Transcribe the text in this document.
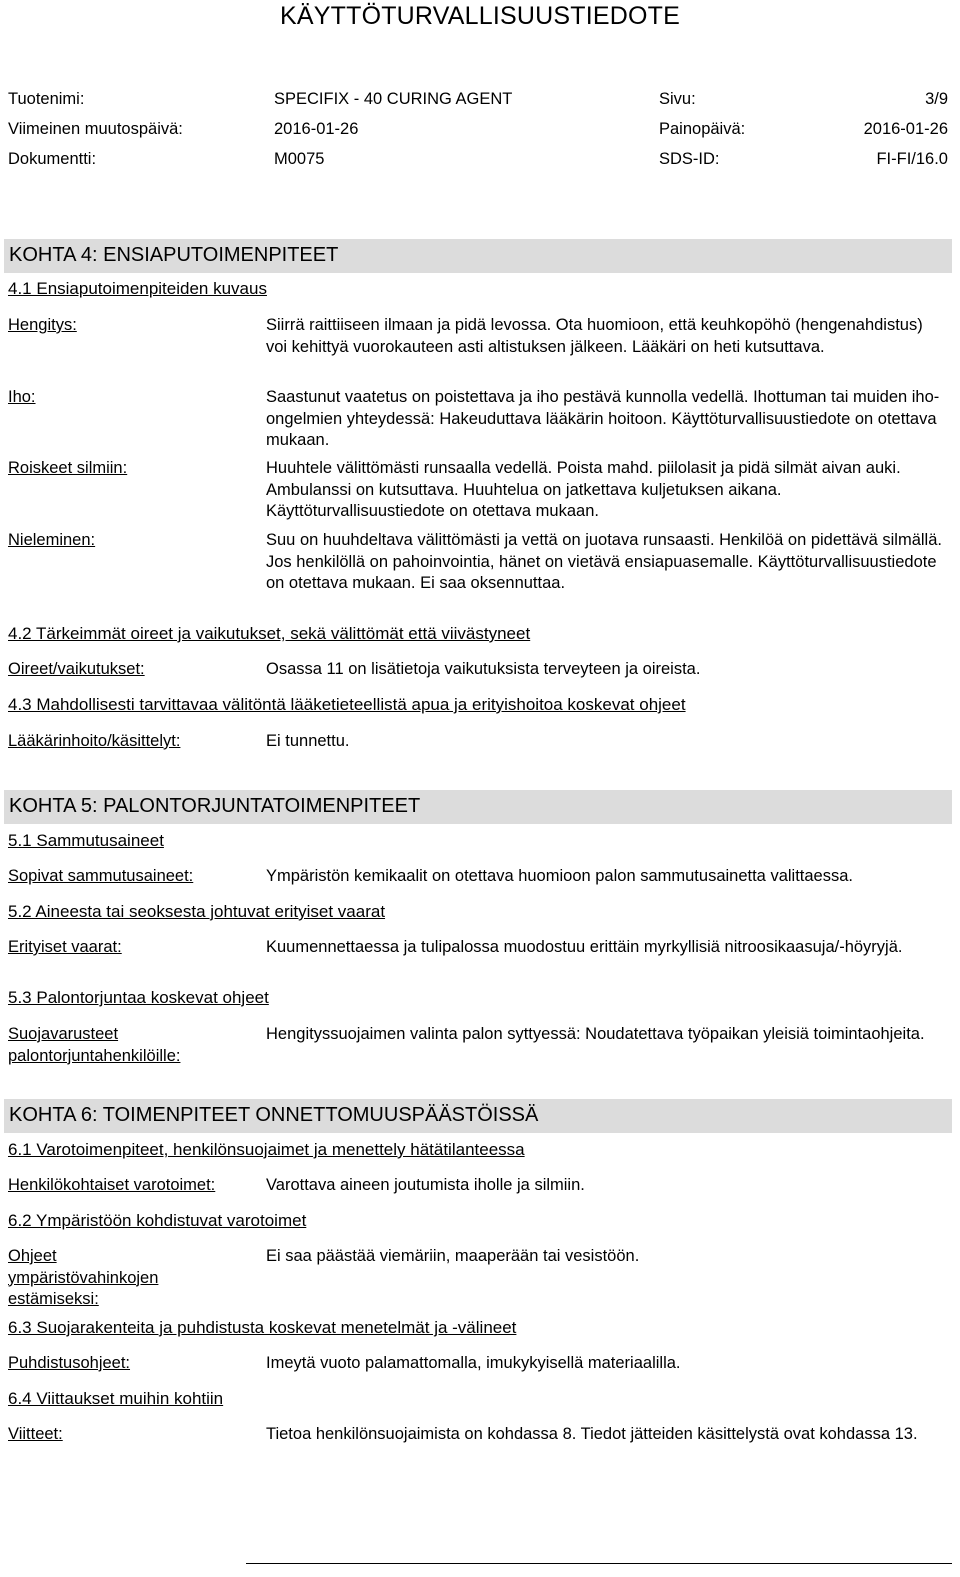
KÄYTTÖTURVALLISUUSTIEDOTE
Tuotenimi:	SPECIFIX - 40 CURING AGENT	Sivu:	3/9
Viimeinen muutospäivä:	2016-01-26	Painopäivä:	2016-01-26
Dokumentti:	M0075	SDS-ID:	FI-FI/16.0
KOHTA 4: ENSIAPUTOIMENPITEET
4.1 Ensiaputoimenpiteiden kuvaus
Hengitys:	Siirrä raittiiseen ilmaan ja pidä levossa. Ota huomioon, että keuhkopöhö (hengenahdistus) voi kehittyä vuorokauteen asti altistuksen jälkeen. Lääkäri on heti kutsuttava.
Iho:	Saastunut vaatetus on poistettava ja iho pestävä kunnolla vedellä. Ihottuman tai muiden iho-ongelmien yhteydessä: Hakeuduttava lääkärin hoitoon. Käyttöturvallisuustiedote on otettava mukaan.
Roiskeet silmiin:	Huuhtele välittömästi runsaalla vedellä. Poista mahd. piilolasit ja pidä silmät aivan auki. Ambulanssi on kutsuttava. Huuhtelua on jatkettava kuljetuksen aikana. Käyttöturvallisuustiedote on otettava mukaan.
Nieleminen:	Suu on huuhdeltava välittömästi ja vettä on juotava runsaasti. Henkilöä on pidettävä silmällä. Jos henkilöllä on pahoinvointia, hänet on vietävä ensiapuasemalle. Käyttöturvallisuustiedote on otettava mukaan. Ei saa oksennuttaa.
4.2 Tärkeimmät oireet ja vaikutukset, sekä välittömät että viivästyneet
Oireet/vaikutukset:	Osassa 11 on lisätietoja vaikutuksista terveyteen ja oireista.
4.3 Mahdollisesti tarvittavaa välitöntä lääketieteellistä apua ja erityishoitoa koskevat ohjeet
Lääkärinhoito/käsittelyt:	Ei tunnettu.
KOHTA 5: PALONTORJUNTATOIMENPITEET
5.1 Sammutusaineet
Sopivat sammutusaineet:	Ympäristön kemikaalit on otettava huomioon palon sammutusainetta valittaessa.
5.2 Aineesta tai seoksesta johtuvat erityiset vaarat
Erityiset vaarat:	Kuumennettaessa ja tulipalossa muodostuu erittäin myrkyllisiä nitroosikaasuja/-höyryjä.
5.3 Palontorjuntaa koskevat ohjeet
Suojavarusteet palontorjuntahenkilöille:
Hengityssuojaimen valinta palon syttyessä: Noudatettava työpaikan yleisiä toimintaohjeita.
KOHTA 6: TOIMENPITEET ONNETTOMUUSPÄÄSTÖISSÄ
6.1 Varotoimenpiteet, henkilönsuojaimet ja menettely hätätilanteessa
Henkilökohtaiset varotoimet:	Varottava aineen joutumista iholle ja silmiin.
6.2 Ympäristöön kohdistuvat varotoimet
Ohjeet ympäristövahinkojen estämiseksi:
Ei saa päästää viemäriin, maaperään tai vesistöön.
6.3 Suojarakenteita ja puhdistusta koskevat menetelmät ja -välineet
Puhdistusohjeet:	Imeytä vuoto palamattomalla, imukykyisellä materiaalilla.
6.4 Viittaukset muihin kohtiin
Viitteet:	Tietoa henkilönsuojaimista on kohdassa 8. Tiedot jätteiden käsittelystä ovat kohdassa 13.
